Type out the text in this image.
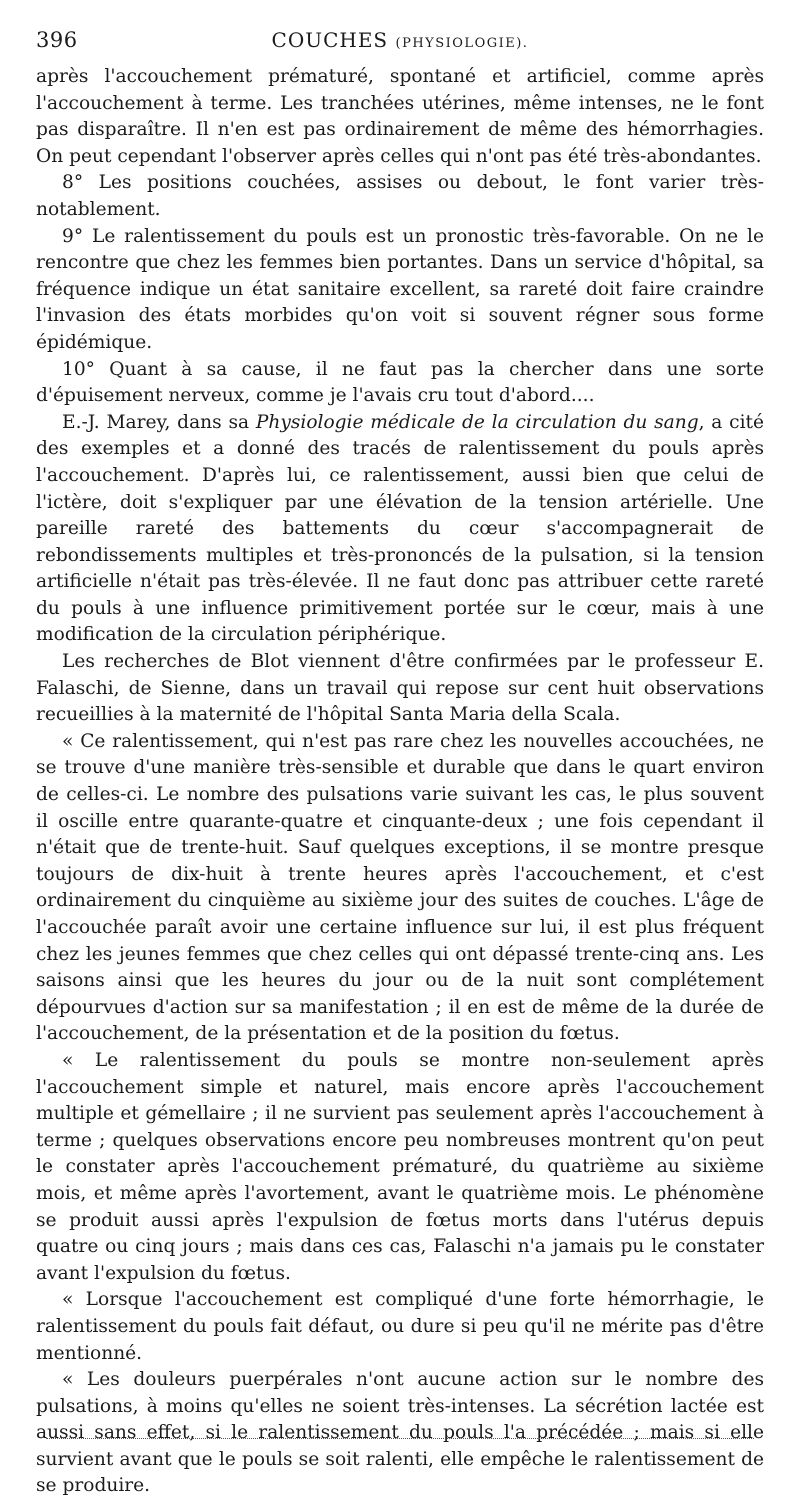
396	COUCHES (PHYSIOLOGIE).

après l'accouchement prématuré, spontané et artificiel, comme après l'accouchement à terme. Les tranchées utérines, même intenses, ne le font pas disparaître. Il n'en est pas ordinairement de même des hémorrhagies. On peut cependant l'observer après celles qui n'ont pas été très-abondantes.

8° Les positions couchées, assises ou debout, le font varier très-notablement.

9° Le ralentissement du pouls est un pronostic très-favorable. On ne le rencontre que chez les femmes bien portantes. Dans un service d'hôpital, sa fréquence indique un état sanitaire excellent, sa rareté doit faire craindre l'invasion des états morbides qu'on voit si souvent régner sous forme épidémique.

10° Quant à sa cause, il ne faut pas la chercher dans une sorte d'épuisement nerveux, comme je l'avais cru tout d'abord....

E.-J. Marey, dans sa Physiologie médicale de la circulation du sang, a cité des exemples et a donné des tracés de ralentissement du pouls après l'accouchement. D'après lui, ce ralentissement, aussi bien que celui de l'ictère, doit s'expliquer par une élévation de la tension artérielle. Une pareille rareté des battements du cœur s'accompagnerait de rebondissements multiples et très-prononcés de la pulsation, si la tension artificielle n'était pas très-élevée. Il ne faut donc pas attribuer cette rareté du pouls à une influence primitivement portée sur le cœur, mais à une modification de la circulation périphérique.

Les recherches de Blot viennent d'être confirmées par le professeur E. Falaschi, de Sienne, dans un travail qui repose sur cent huit observations recueillies à la maternité de l'hôpital Santa Maria della Scala.

« Ce ralentissement, qui n'est pas rare chez les nouvelles accouchées, ne se trouve d'une manière très-sensible et durable que dans le quart environ de celles-ci. Le nombre des pulsations varie suivant les cas, le plus souvent il oscille entre quarante-quatre et cinquante-deux ; une fois cependant il n'était que de trente-huit. Sauf quelques exceptions, il se montre presque toujours de dix-huit à trente heures après l'accouchement, et c'est ordinairement du cinquième au sixième jour des suites de couches. L'âge de l'accouchée paraît avoir une certaine influence sur lui, il est plus fréquent chez les jeunes femmes que chez celles qui ont dépassé trente-cinq ans. Les saisons ainsi que les heures du jour ou de la nuit sont complétement dépourvues d'action sur sa manifestation ; il en est de même de la durée de l'accouchement, de la présentation et de la position du fœtus.

« Le ralentissement du pouls se montre non-seulement après l'accouchement simple et naturel, mais encore après l'accouchement multiple et gémellaire ; il ne survient pas seulement après l'accouchement à terme ; quelques observations encore peu nombreuses montrent qu'on peut le constater après l'accouchement prématuré, du quatrième au sixième mois, et même après l'avortement, avant le quatrième mois. Le phénomène se produit aussi après l'expulsion de fœtus morts dans l'utérus depuis quatre ou cinq jours ; mais dans ces cas, Falaschi n'a jamais pu le constater avant l'expulsion du fœtus.

« Lorsque l'accouchement est compliqué d'une forte hémorrhagie, le ralentissement du pouls fait défaut, ou dure si peu qu'il ne mérite pas d'être mentionné.

« Les douleurs puerpérales n'ont aucune action sur le nombre des pulsations, à moins qu'elles ne soient très-intenses. La sécrétion lactée est aussi sans effet, si le ralentissement du pouls l'a précédée ; mais si elle survient avant que le pouls se soit ralenti, elle empêche le ralentissement de se produire.
